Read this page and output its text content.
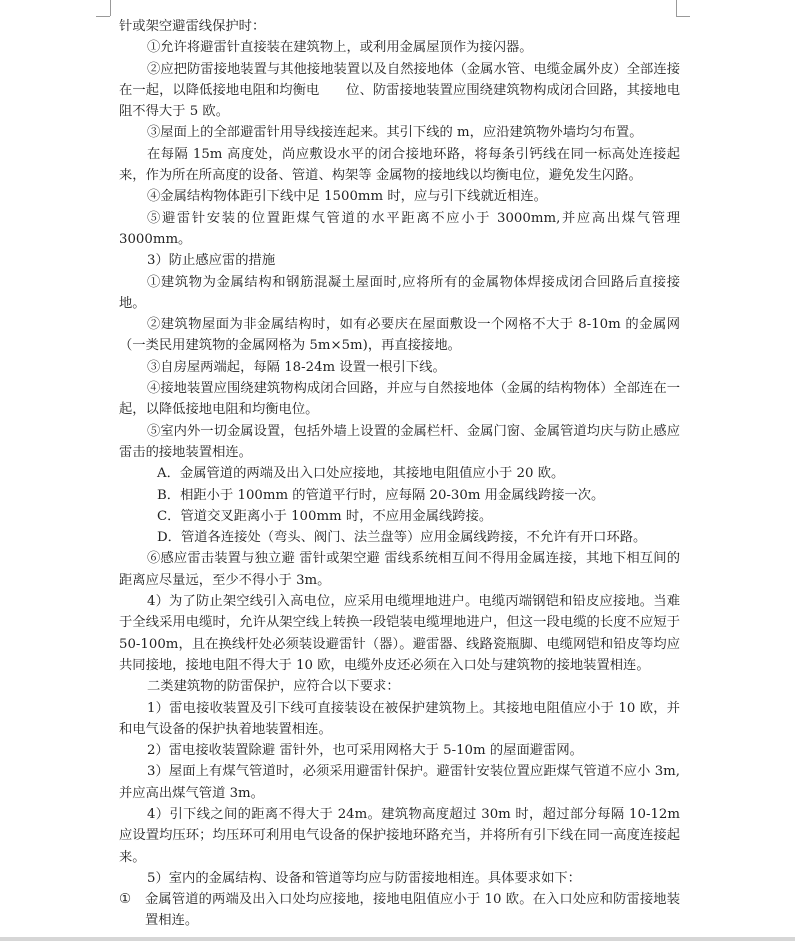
针或架空避雷线保护时：

①允许将避雷针直接装在建筑物上，或利用金属屋顶作为接闪器。

②应把防雷接地装置与其他接地装置以及自然接地体（金属水管、电缆金属外皮）全部连接在一起，以降低接地电阻和均衡电　　位、防雷接地装置应围绕建筑物构成闭合回路，其接地电阻不得大于 5 欧。

③屋面上的全部避雷针用导线接连起来。其引下线的 m，应沿建筑物外墙均匀布置。

在每隔 15m 高度处，尚应敷设水平的闭合接地环路，将每条引钙线在同一标高处连接起来，作为所在所高度的设备、管道、构架等 金属物的接地线以均衡电位，避免发生闪路。

④金属结构物体距引下线中足 1500mm 时，应与引下线就近相连。

⑤避雷针安装的位置距煤气管道的水平距离不应小于 3000mm,并应高出煤气管理 3000mm。

3）防止感应雷的措施

①建筑物为金属结构和钢筋混凝土屋面时,应将所有的金属物体焊接成闭合回路后直接接地。

②建筑物屋面为非金属结构时，如有必要庆在屋面敷设一个网格不大于 8-10m 的金属网（一类民用建筑物的金属网格为 5m×5m)，再直接接地。

③自房屋两端起，每隔 18-24m 设置一根引下线。

④接地装置应围绕建筑物构成闭合回路，并应与自然接地体（金属的结构物体）全部连在一起，以降低接地电阻和均衡电位。

⑤室内外一切金属设置，包括外墙上设置的金属栏杆、金属门窗、金属管道均庆与防止感应雷击的接地装置相连。

A．金属管道的两端及出入口处应接地，其接地电阻值应小于 20 欧。

B．相距小于 100mm 的管道平行时，应每隔 20-30m 用金属线跨接一次。

C．管道交叉距离小于 100mm 时，不应用金属线跨接。

D．管道各连接处（弯头、阀门、法兰盘等）应用金属线跨接，不允许有开口环路。

⑥感应雷击装置与独立避 雷针或架空避 雷线系统相互间不得用金属连接，其地下相互间的距离应尽量远，至少不得小于 3m。

4）为了防止架空线引入高电位，应采用电缆埋地进户。电缆丙端钢铠和铅皮应接地。当难于全线采用电缆时，允许从架空线上转换一段铠装电缆埋地进户，但这一段电缆的长度不应短于 50-100m，且在换线杆处必须装设避雷针（器）。避雷器、线路瓷瓶脚、电缆网铠和铅皮等均应共同接地，接地电阻不得大于 10 欧，电缆外皮还必须在入口处与建筑物的接地装置相连。

二类建筑物的防雷保护，应符合以下要求：

1）雷电接收装置及引下线可直接装设在被保护建筑物上。其接地电阻值应小于 10 欧，并和电气设备的保护执着地装置相连。

2）雷电接收装置除避 雷针外，也可采用网格大于 5-10m 的屋面避雷网。

3）屋面上有煤气管道时，必须采用避雷针保护。避雷针安装位置应距煤气管道不应小 3m,并应高出煤气管道 3m。

4）引下线之间的距离不得大于 24m。建筑物高度超过 30m 时，超过部分每隔 10-12m 应设置均压环；均压环可利用电气设备的保护接地环路充当，并将所有引下线在同一高度连接起来。

5）室内的金属结构、设备和管道等均应与防雷接地相连。具体要求如下：

①	金属管道的两端及出入口处均应接地，接地电阻值应小于 10 欧。在入口处应和防雷接地装置相连。
